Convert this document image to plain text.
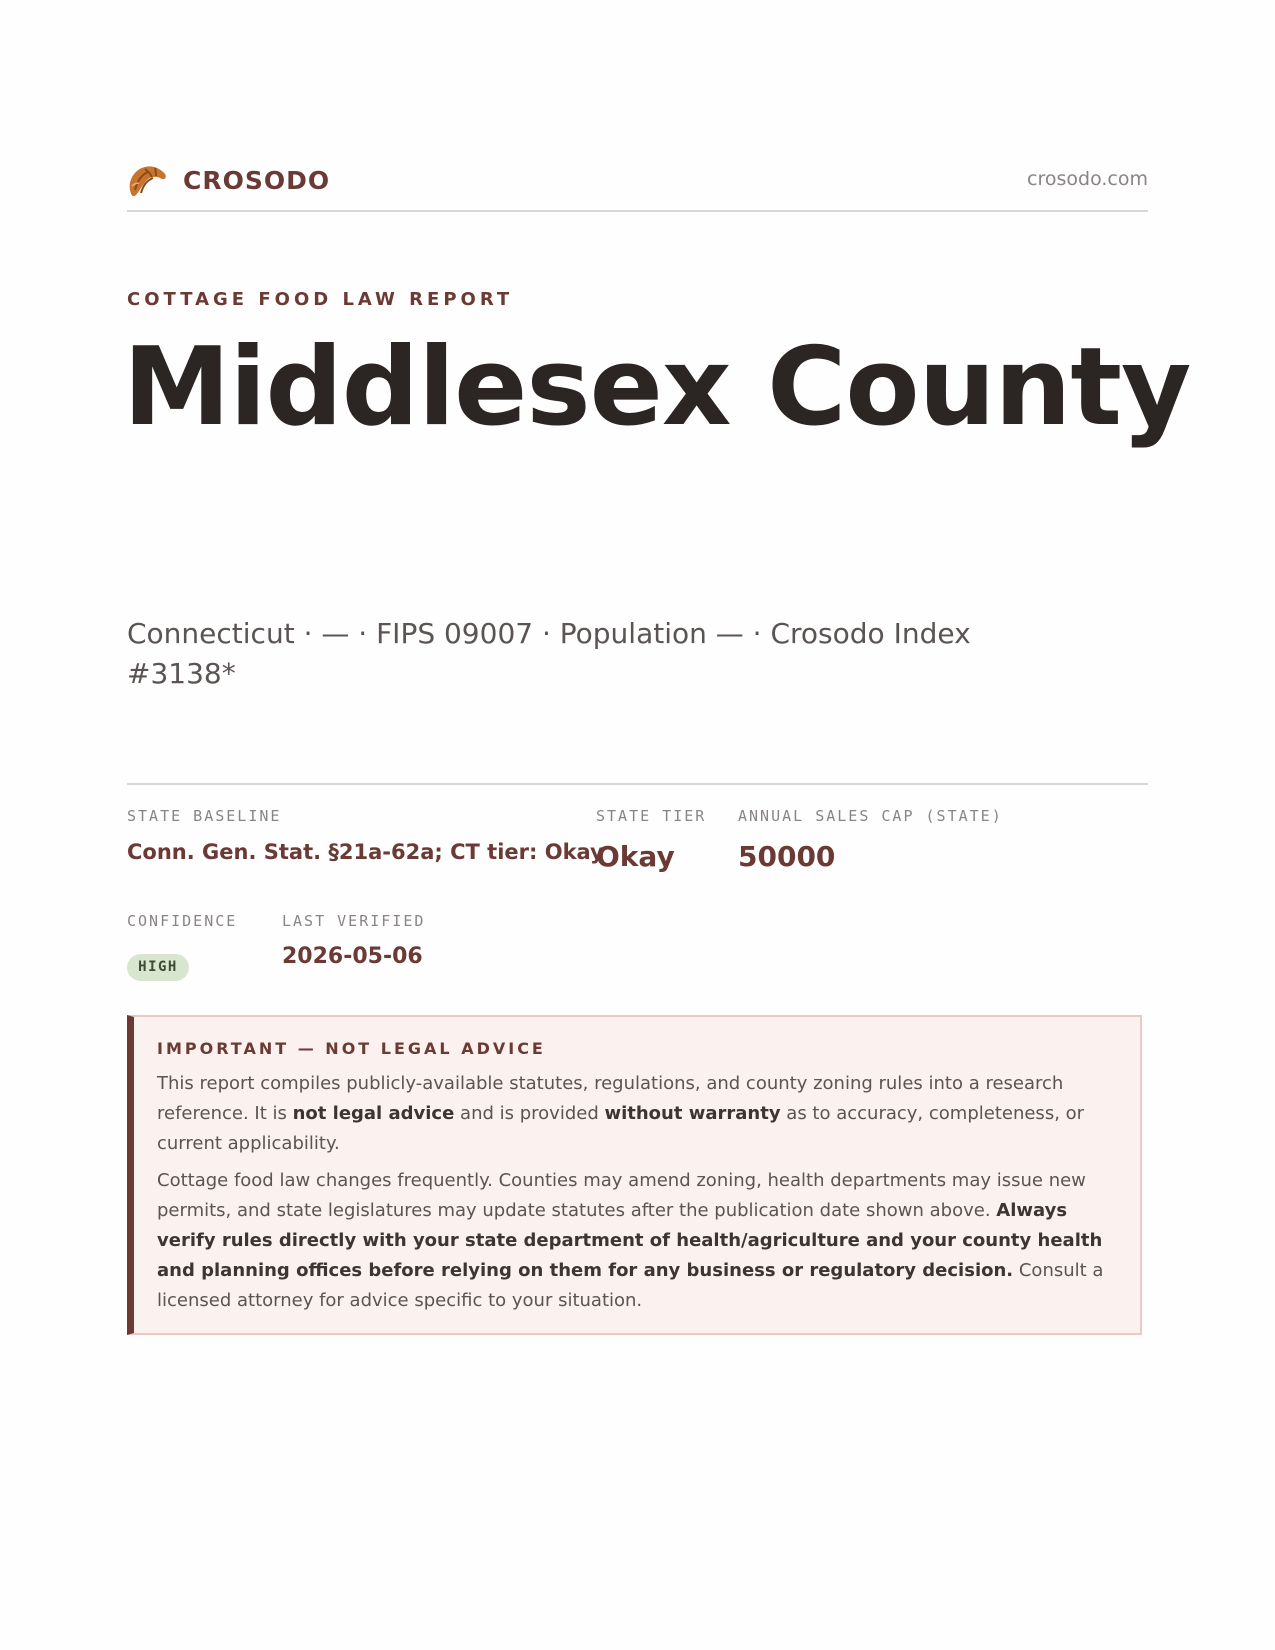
CROSODO	crosodo.com
COTTAGE FOOD LAW REPORT
Middlesex County
Connecticut · — · FIPS 09007 · Population — · Crosodo Index #3138*
STATE BASELINE
Conn. Gen. Stat. §21a-62a; CT tier: Okay
STATE TIER
Okay
ANNUAL SALES CAP (STATE)
50000
CONFIDENCE
HIGH
LAST VERIFIED
2026-05-06
IMPORTANT — NOT LEGAL ADVICE

This report compiles publicly-available statutes, regulations, and county zoning rules into a research reference. It is not legal advice and is provided without warranty as to accuracy, completeness, or current applicability.

Cottage food law changes frequently. Counties may amend zoning, health departments may issue new permits, and state legislatures may update statutes after the publication date shown above. Always verify rules directly with your state department of health/agriculture and your county health and planning offices before relying on them for any business or regulatory decision. Consult a licensed attorney for advice specific to your situation.
